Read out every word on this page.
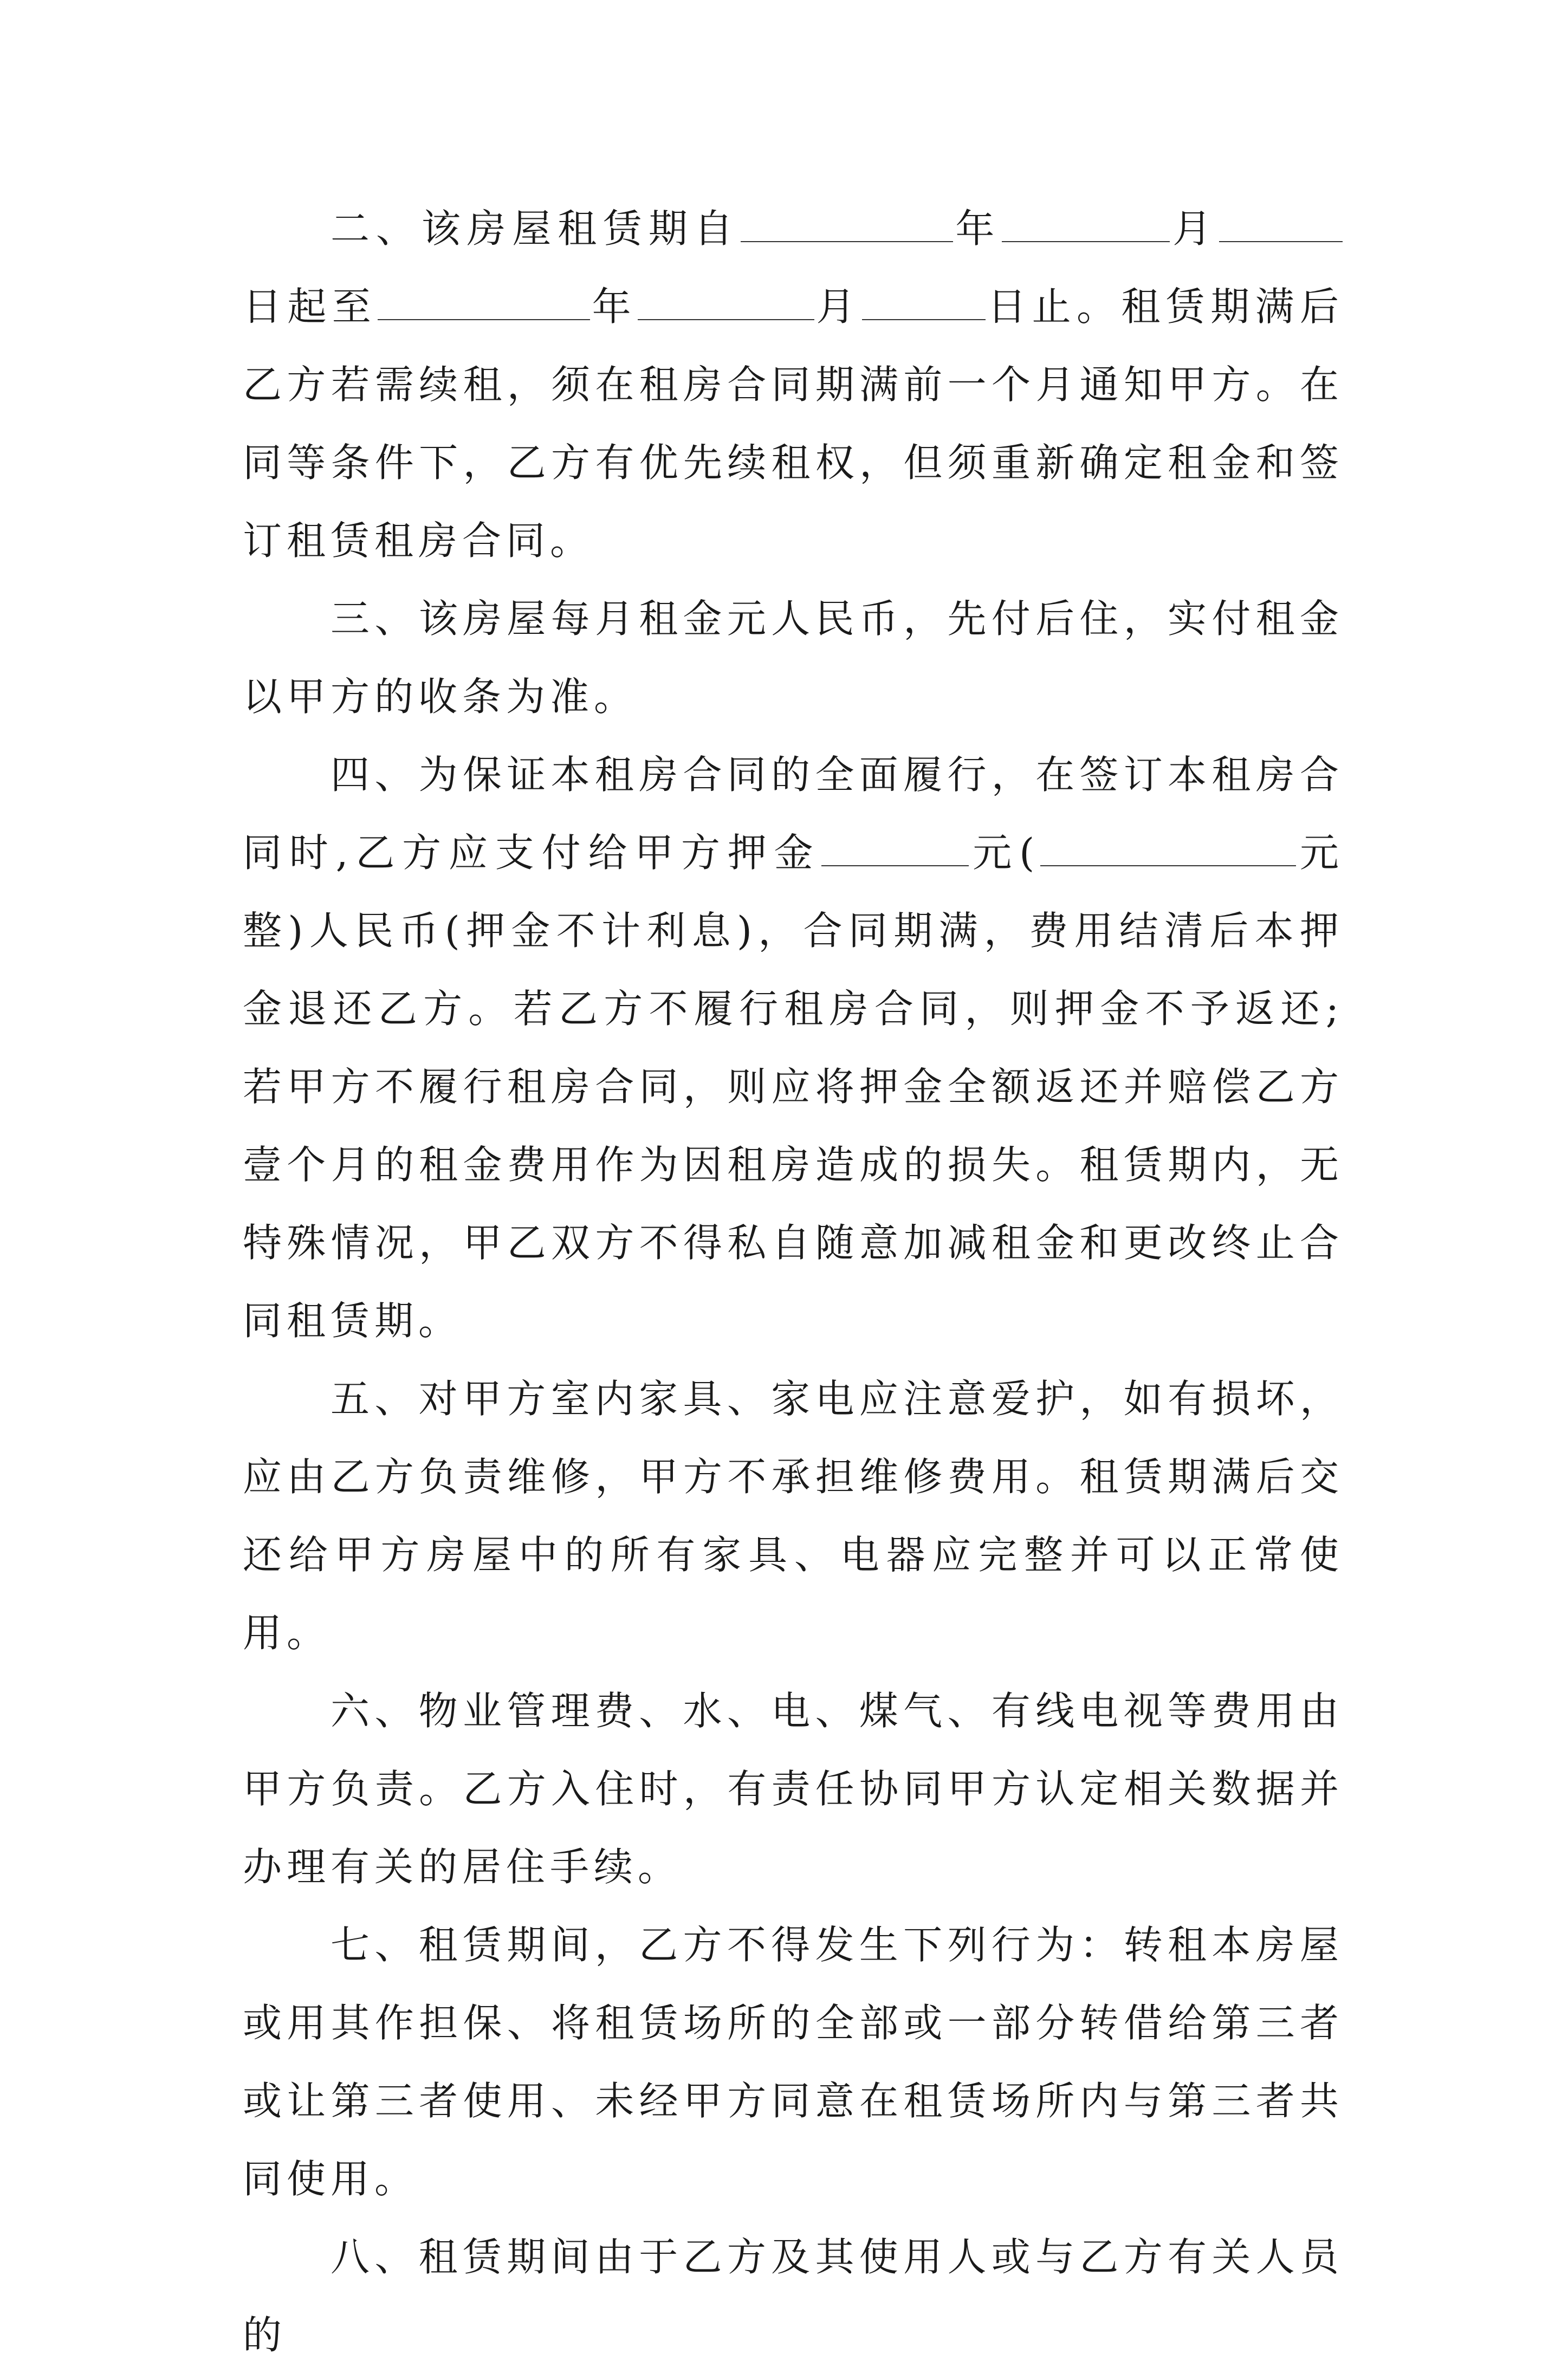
二、该房屋租赁期自	年	月日起至	年	月	日止。租赁期满后乙方若需续租，须在租房合同期满前一个月通知甲方。在同等条件下，乙方有优先续租权，但须重新确定租金和签订租赁租房合同。

三、该房屋每月租金元人民币，先付后住，实付租金以甲方的收条为准。

四、为保证本租房合同的全面履行，在签订本租房合同时,乙方应支付给甲方押金	元(	元整)人民币(押金不计利息)，合同期满，费用结清后本押金退还乙方。若乙方不履行租房合同，则押金不予返还;若甲方不履行租房合同，则应将押金全额返还并赔偿乙方壹个月的租金费用作为因租房造成的损失。租赁期内，无特殊情况，甲乙双方不得私自随意加减租金和更改终止合同租赁期。

五、对甲方室内家具、家电应注意爱护，如有损坏，应由乙方负责维修，甲方不承担维修费用。租赁期满后交还给甲方房屋中的所有家具、电器应完整并可以正常使用。

六、物业管理费、水、电、煤气、有线电视等费用由甲方负责。乙方入住时，有责任协同甲方认定相关数据并办理有关的居住手续。

七、租赁期间，乙方不得发生下列行为：转租本房屋或用其作担保、将租赁场所的全部或一部分转借给第三者或让第三者使用、未经甲方同意在租赁场所内与第三者共同使用。

八、租赁期间由于乙方及其使用人或与乙方有关人员的
